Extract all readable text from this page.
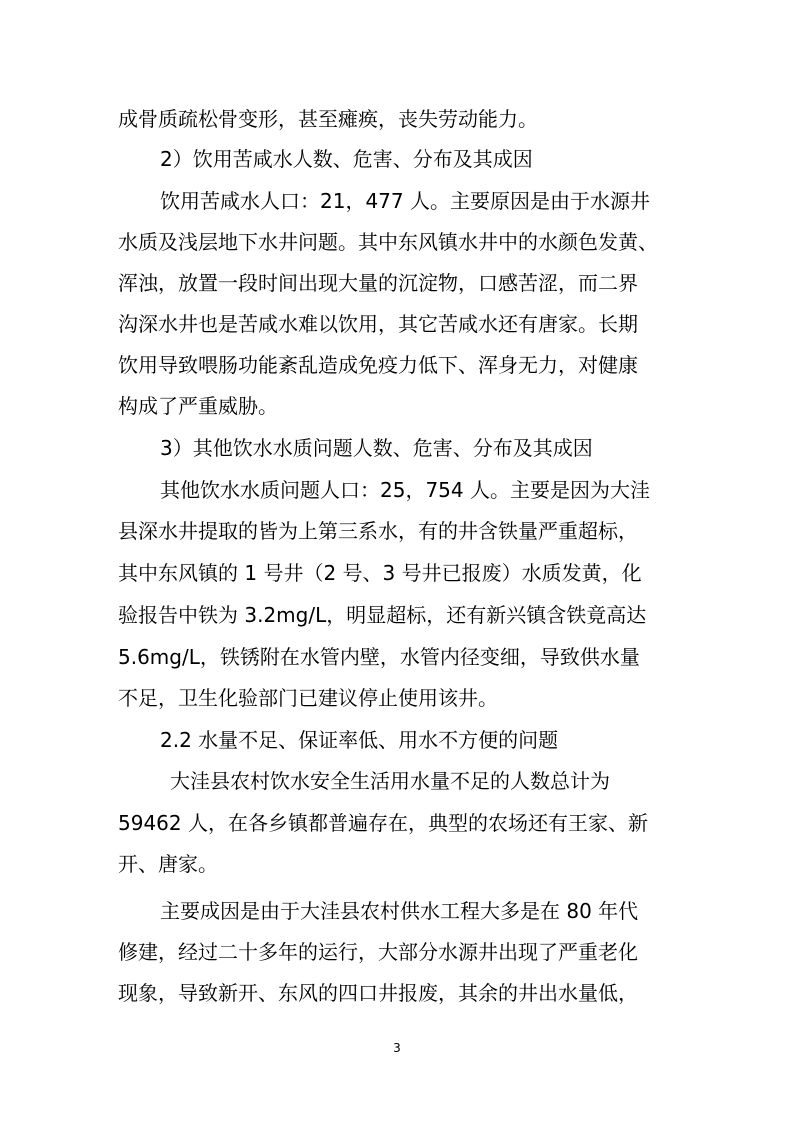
成骨质疏松骨变形，甚至瘫痪，丧失劳动能力。
2）饮用苦咸水人数、危害、分布及其成因
饮用苦咸水人口：21，477 人。主要原因是由于水源井
水质及浅层地下水井问题。其中东风镇水井中的水颜色发黄、
浑浊，放置一段时间出现大量的沉淀物，口感苦涩，而二界
沟深水井也是苦咸水难以饮用，其它苦咸水还有唐家。长期
饮用导致喂肠功能紊乱造成免疫力低下、浑身无力，对健康
构成了严重威胁。
3）其他饮水水质问题人数、危害、分布及其成因
其他饮水水质问题人口：25，754 人。主要是因为大洼
县深水井提取的皆为上第三系水，有的井含铁量严重超标，
其中东风镇的 1 号井（2 号、3 号井已报废）水质发黄，化
验报告中铁为 3.2mg/L，明显超标，还有新兴镇含铁竟高达
5.6mg/L，铁锈附在水管内壁，水管内径变细，导致供水量
不足，卫生化验部门已建议停止使用该井。
2.2 水量不足、保证率低、用水不方便的问题
大洼县农村饮水安全生活用水量不足的人数总计为
59462 人，在各乡镇都普遍存在，典型的农场还有王家、新
开、唐家。
主要成因是由于大洼县农村供水工程大多是在 80 年代
修建，经过二十多年的运行，大部分水源井出现了严重老化
现象，导致新开、东风的四口井报废，其余的井出水量低，
3
